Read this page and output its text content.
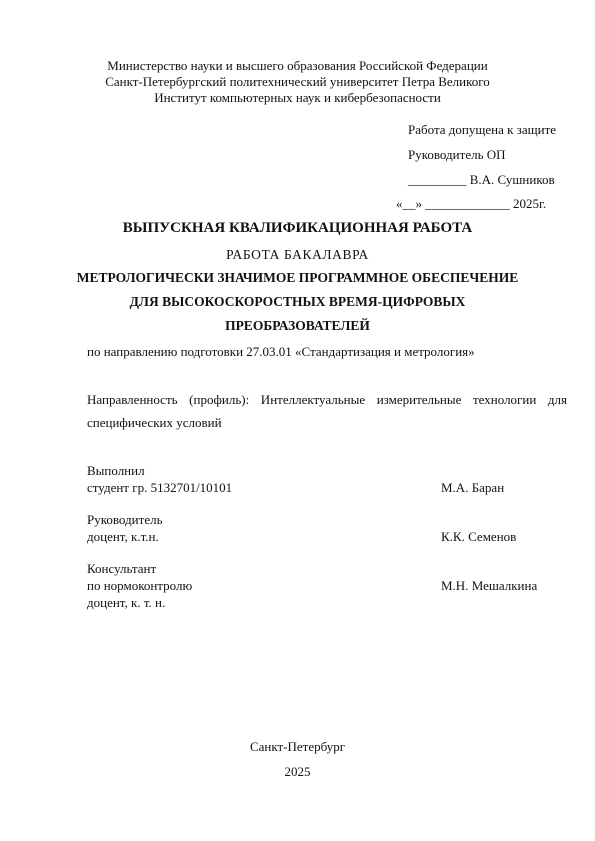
Министерство науки и высшего образования Российской Федерации
Санкт-Петербургский политехнический университет Петра Великого
Институт компьютерных наук и кибербезопасности
Работа допущена к защите
Руководитель ОП
_________ В.А. Сушников
«__» _____________ 2025г.
ВЫПУСКНАЯ КВАЛИФИКАЦИОННАЯ РАБОТА
РАБОТА БАКАЛАВРА
МЕТРОЛОГИЧЕСКИ ЗНАЧИМОЕ ПРОГРАММНОЕ ОБЕСПЕЧЕНИЕ
ДЛЯ ВЫСОКОСКОРОСТНЫХ ВРЕМЯ-ЦИФРОВЫХ
ПРЕОБРАЗОВАТЕЛЕЙ
по направлению подготовки 27.03.01 «Стандартизация и метрология»
Направленность (профиль): Интеллектуальные измерительные технологии для
специфических условий
Выполнил
студент гр. 5132701/10101	М.А. Баран
Руководитель
доцент, к.т.н.	К.К. Семенов
Консультант
по нормоконтролю	М.Н. Мешалкина
доцент, к. т. н.
Санкт-Петербург
2025
